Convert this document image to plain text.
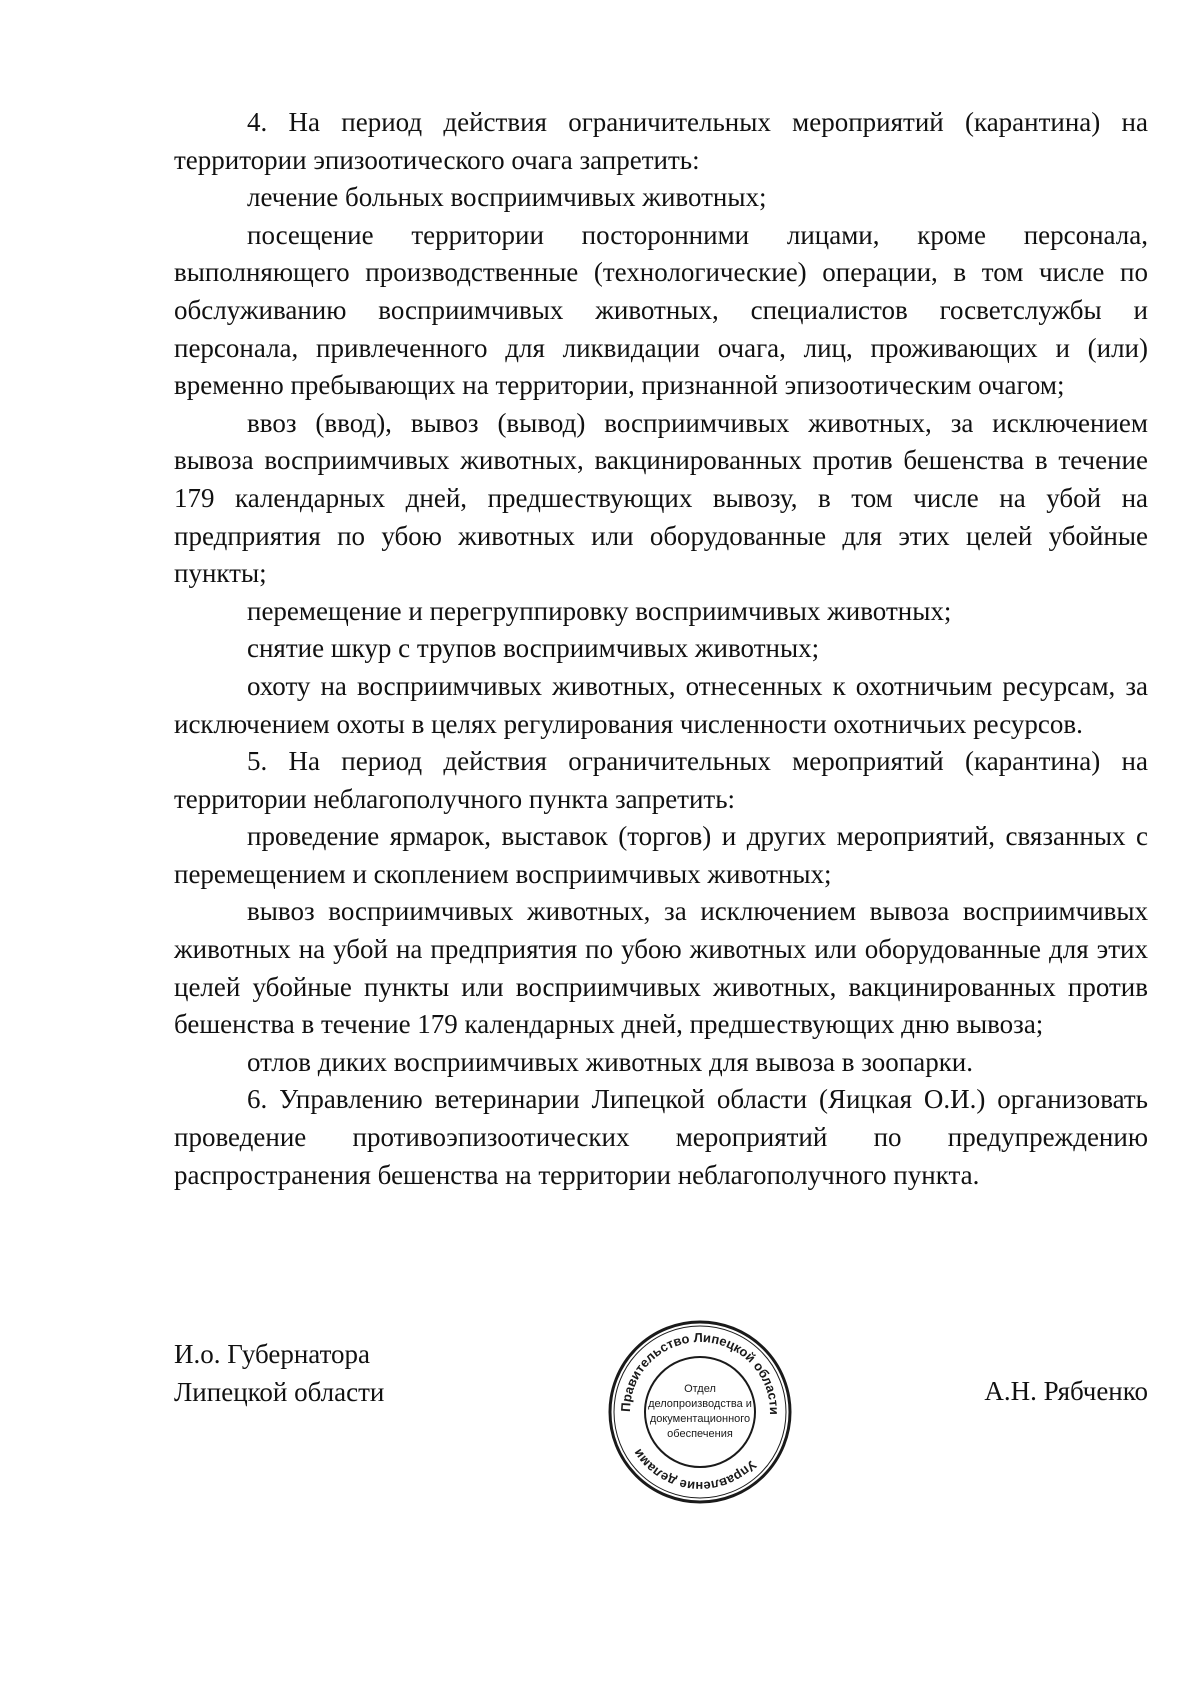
4. На период действия ограничительных мероприятий (карантина) на территории эпизоотического очага запретить:

лечение больных восприимчивых животных;

посещение территории посторонними лицами, кроме персонала, выполняющего производственные (технологические) операции, в том числе по обслуживанию восприимчивых животных, специалистов госветслужбы и персонала, привлеченного для ликвидации очага, лиц, проживающих и (или) временно пребывающих на территории, признанной эпизоотическим очагом;

ввоз (ввод), вывоз (вывод) восприимчивых животных, за исключением вывоза восприимчивых животных, вакцинированных против бешенства в течение 179 календарных дней, предшествующих вывозу, в том числе на убой на предприятия по убою животных или оборудованные для этих целей убойные пункты;

перемещение и перегруппировку восприимчивых животных;

снятие шкур с трупов восприимчивых животных;

охоту на восприимчивых животных, отнесенных к охотничьим ресурсам, за исключением охоты в целях регулирования численности охотничьих ресурсов.

5. На период действия ограничительных мероприятий (карантина) на территории неблагополучного пункта запретить:

проведение ярмарок, выставок (торгов) и других мероприятий, связанных с перемещением и скоплением восприимчивых животных;

вывоз восприимчивых животных, за исключением вывоза восприимчивых животных на убой на предприятия по убою животных или оборудованные для этих целей убойные пункты или восприимчивых животных, вакцинированных против бешенства в течение 179 календарных дней, предшествующих дню вывоза;

отлов диких восприимчивых животных для вывоза в зоопарки.

6. Управлению ветеринарии Липецкой области (Яицкая О.И.) организовать проведение противоэпизоотических мероприятий по предупреждению распространения бешенства на территории неблагополучного пункта.

И.о. Губернатора
Липецкой области	А.Н. Рябченко
Правительство Липецкой области
Управление делами
Отдел
делопроизводства и
документационного
обеспечения
